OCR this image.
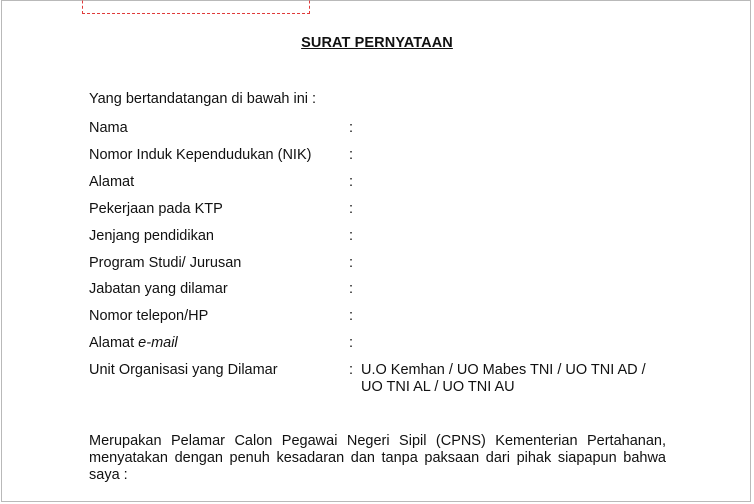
SURAT PERNYATAAN
Yang bertandatangan di bawah ini :
Nama	:
Nomor Induk Kependudukan (NIK)	:
Alamat	:
Pekerjaan pada KTP	:
Jenjang pendidikan	:
Program Studi/ Jurusan	:
Jabatan yang dilamar	:
Nomor telepon/HP	:
Alamat e-mail	:
Unit Organisasi yang Dilamar	: U.O Kemhan / UO Mabes TNI / UO TNI AD /
UO TNI AL / UO TNI AU
Merupakan Pelamar Calon Pegawai Negeri Sipil (CPNS) Kementerian Pertahanan, menyatakan dengan penuh kesadaran dan tanpa paksaan dari pihak siapapun bahwa saya :
